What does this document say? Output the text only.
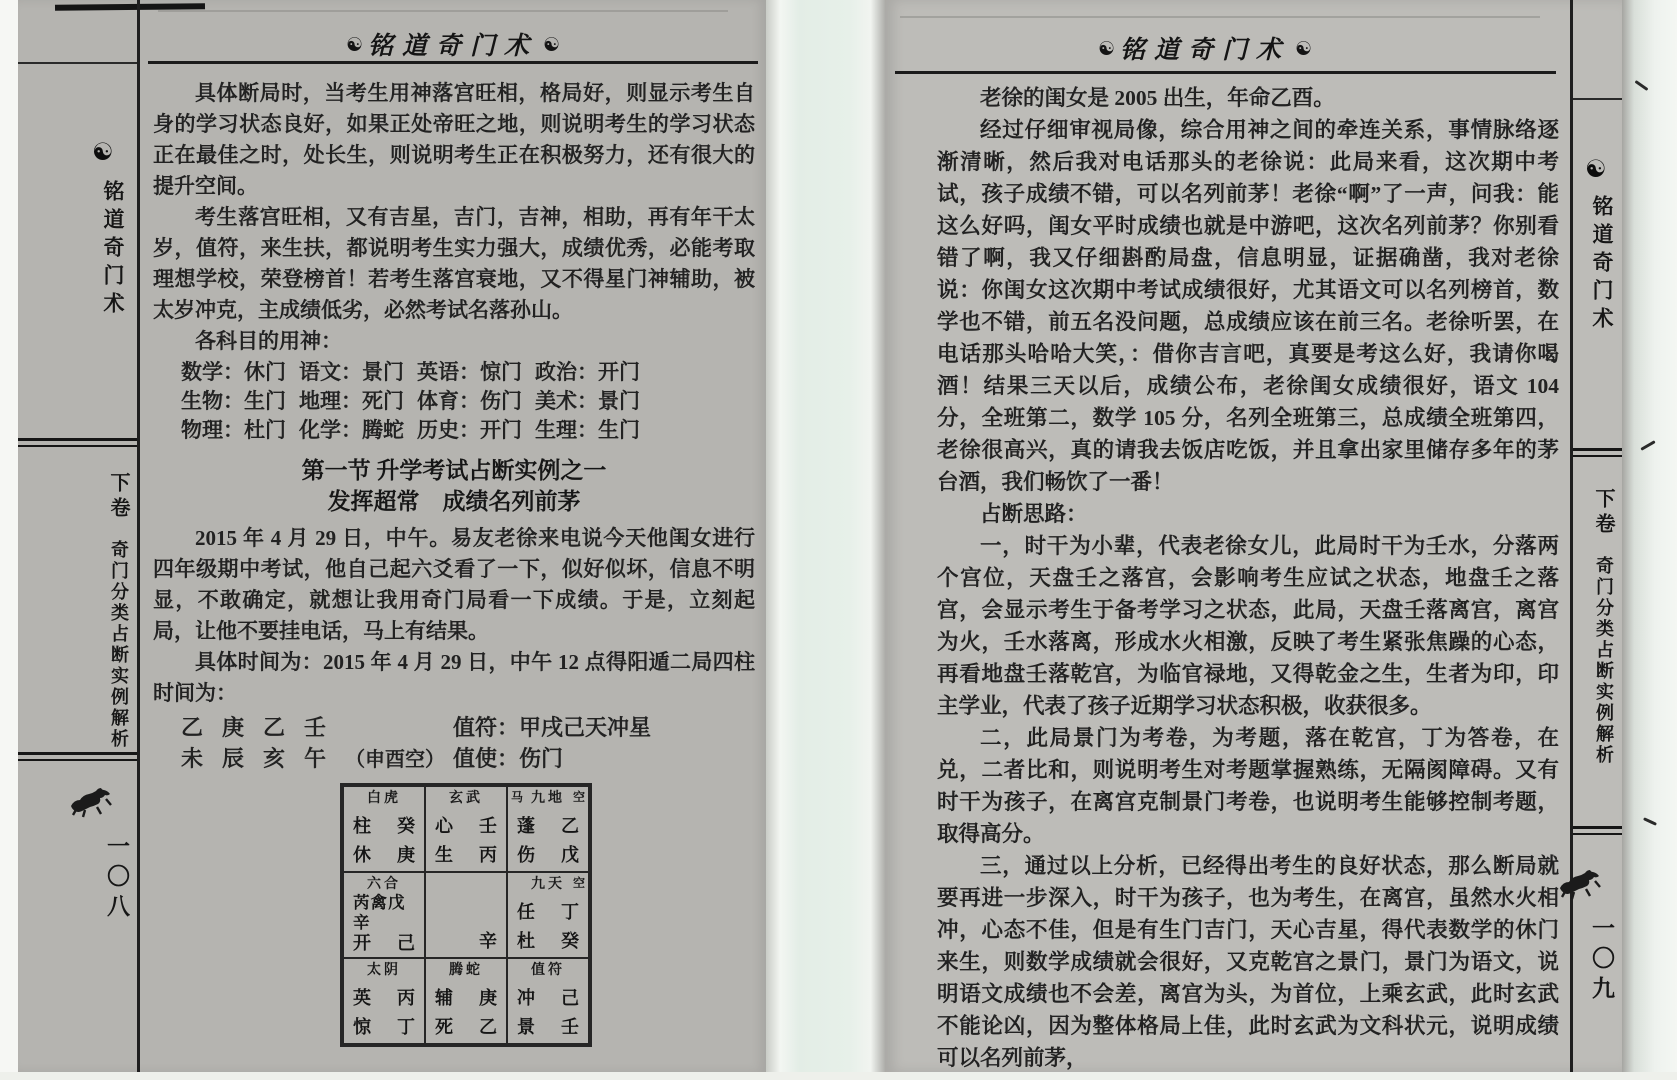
☯
铭道奇门术
下卷
奇门分类占断实例解析
一〇八
☯ 铭道奇门术 ☯

具体断局时，当考生用神落宫旺相，格局好，则显示考生自身的学习状态良好，如果正处帝旺之地，则说明考生的学习状态正在最佳之时，处长生，则说明考生正在积极努力，还有很大的提升空间。

考生落宫旺相，又有吉星，吉门，吉神，相助，再有年干太岁，值符，来生扶，都说明考生实力强大，成绩优秀，必能考取理想学校，荣登榜首！若考生落宫衰地，又不得星门神辅助，被太岁冲克，主成绩低劣，必然考试名落孙山。

各科目的用神：

数学：休门 语文：景门 英语：惊门 政治：开门
生物：生门 地理：死门 体育：伤门 美术：景门
物理：杜门 化学：腾蛇 历史：开门 生理：生门
第一节 升学考试占断实例之一
发挥超常　成绩名列前茅

2015 年 4 月 29 日，中午。易友老徐来电说今天他闺女进行四年级期中考试，他自己起六爻看了一下，似好似坏，信息不明显，不敢确定，就想让我用奇门局看一下成绩。于是，立刻起局，让他不要挂电话，马上有结果。

具体时间为：2015 年 4 月 29 日，中午 12 点得阳遁二局四柱时间为：

乙 庚 乙 壬	值符：甲戌己天冲星
未 辰 亥 午 （申酉空） 值使：伤门
白虎
柱 癸
休 庚
玄武
心 壬
生 丙
马 九地 空
蓬 乙
伤 戊
六合
芮禽戊辛
开 己	辛
九天 空
任 丁
杜 癸
太阴
英 丙
惊 丁
腾蛇
辅 庚
死 乙
值符
冲 己
景 壬
☯ 铭道奇门术 ☯

老徐的闺女是 2005 出生，年命乙酉。

经过仔细审视局像，综合用神之间的牵连关系，事情脉络逐渐清晰，然后我对电话那头的老徐说：此局来看，这次期中考试，孩子成绩不错，可以名列前茅！老徐“啊”了一声，问我：能这么好吗，闺女平时成绩也就是中游吧，这次名列前茅？你别看错了啊，我又仔细斟酌局盘，信息明显，证据确凿，我对老徐说：你闺女这次期中考试成绩很好，尤其语文可以名列榜首，数学也不错，前五名没问题，总成绩应该在前三名。老徐听罢，在电话那头哈哈大笑，：借你吉言吧，真要是考这么好，我请你喝酒！结果三天以后，成绩公布，老徐闺女成绩很好，语文 104 分，全班第二，数学 105 分，名列全班第三，总成绩全班第四，老徐很高兴，真的请我去饭店吃饭，并且拿出家里储存多年的茅台酒，我们畅饮了一番！

占断思路：

一，时干为小辈，代表老徐女儿，此局时干为壬水，分落两个宫位，天盘壬之落宫，会影响考生应试之状态，地盘壬之落宫，会显示考生于备考学习之状态，此局，天盘壬落离宫，离宫为火，壬水落离，形成水火相激，反映了考生紧张焦躁的心态，再看地盘壬落乾宫，为临官禄地，又得乾金之生，生者为印，印主学业，代表了孩子近期学习状态积极，收获很多。

二，此局景门为考卷，为考题，落在乾宫，丁为答卷，在兑，二者比和，则说明考生对考题掌握熟练，无隔阂障碍。又有时干为孩子，在离宫克制景门考卷，也说明考生能够控制考题，取得高分。

三，通过以上分析，已经得出考生的良好状态，那么断局就要再进一步深入，时干为孩子，也为考生，在离宫，虽然水火相冲，心态不佳，但是有生门吉门，天心吉星，得代表数学的休门来生，则数学成绩就会很好，又克乾宫之景门，景门为语文，说明语文成绩也不会差，离宫为头，为首位，上乘玄武，此时玄武不能论凶，因为整体格局上佳，此时玄武为文科状元，说明成绩可以名列前茅，

☯
铭道奇门术
下卷
奇门分类占断实例解析
一〇九
